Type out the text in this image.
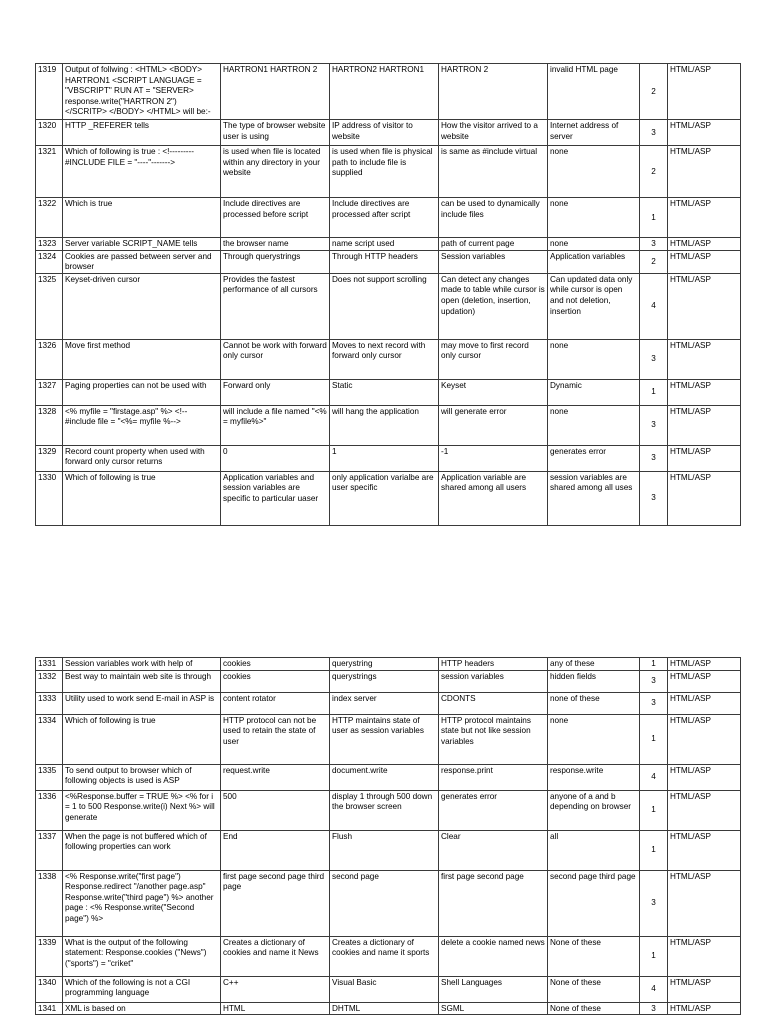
1319	Output of follwing : <HTML> <BODY> HARTRON1 <SCRIPT LANGUAGE = "VBSCRIPT" RUN AT = "SERVER> response.write("HARTRON 2") </SCRITP> </BODY> </HTML> will be:-	HARTRON1 HARTRON 2	HARTRON2 HARTRON1	HARTRON 2	invalid HTML page	2	HTML/ASP
1320	HTTP _REFERER tells	The type of browser website user is using	IP address of visitor to website	How the visitor arrived to a website	Internet address of server	3	HTML/ASP
1321	Which of following is true : <!--------- #INCLUDE FILE = "----"------->	is used when file is located within any directory in your website	is used when file is physical path to include file is supplied	is same as #include virtual	none	2	HTML/ASP
1322	Which is true	Include directives are processed before script	Include directives are processed after script	can be used to dynamically include files	none	1	HTML/ASP
1323	Server variable SCRIPT_NAME tells	the browser name	name script used	path of current page	none	3	HTML/ASP
1324	Cookies are passed between server and browser	Through querystrings	Through HTTP headers	Session variables	Application variables	2	HTML/ASP
1325	Keyset-driven cursor	Provides the fastest performance of all cursors	Does not support scrolling	Can detect any changes made to table while cursor is open (deletion, insertion, updation)	Can updated data only while cursor is open and not deletion, insertion	4	HTML/ASP
1326	Move first method	Cannot be work with forward only cursor	Moves to next record with forward only cursor	may move to first record only cursor	none	3	HTML/ASP
1327	Paging properties can not be used with	Forward only	Static	Keyset	Dynamic	1	HTML/ASP
1328	<% myfile = "firstage.asp" %> <!-- #include file = "<%= myfile %-->	will include a file named "<% = myfile%>"	will hang the application	will generate error	none	3	HTML/ASP
1329	Record count property when used with forward only cursor returns	0	1	-1	generates error	3	HTML/ASP
1330	Which of following is true	Application variables and session variables are specific to particular uaser	only application varialbe are user specific	Application variable are shared among all users	session variables are shared among all uses	3	HTML/ASP
1331	Session variables work with help of	cookies	querystring	HTTP headers	any of these	1	HTML/ASP
1332	Best way to maintain web site is through	cookies	querystrings	session variables	hidden fields	3	HTML/ASP
1333	Utility used to work send E-mail in ASP is	content rotator	index server	CDONTS	none of these	3	HTML/ASP
1334	Which of following is true	HTTP protocol can not be used to retain the state of user	HTTP maintains state of user as session variables	HTTP protocol maintains state but not like session variables	none	1	HTML/ASP
1335	To send output to browser which of following objects is used is ASP	request.write	document.write	response.print	response.write	4	HTML/ASP
1336	<%Response.buffer = TRUE %> <% for i = 1 to 500 Response.write(i) Next %> will generate	500	display 1 through 500 down the browser screen	generates error	anyone of a and b depending on browser	1	HTML/ASP
1337	When the page is not buffered which of following properties can work	End	Flush	Clear	all	1	HTML/ASP
1338	<% Response.write("first page") Response.redirect "/another page.asp" Response.write("third page") %> another page : <% Response.write("Second page") %>	first page second page third page	second page	first page second page	second page third page	3	HTML/ASP
1339	What is the output of the following statement: Response.cookies ("News") ("sports") = "criket"	Creates a dictionary of cookies and name it News	Creates a dictionary of cookies and name it sports	delete a cookie named news	None of these	1	HTML/ASP
1340	Which of the following is not a CGI programming language	C++	Visual Basic	Shell Languages	None of these	4	HTML/ASP
1341	XML is based on	HTML	DHTML	SGML	None of these	3	HTML/ASP
